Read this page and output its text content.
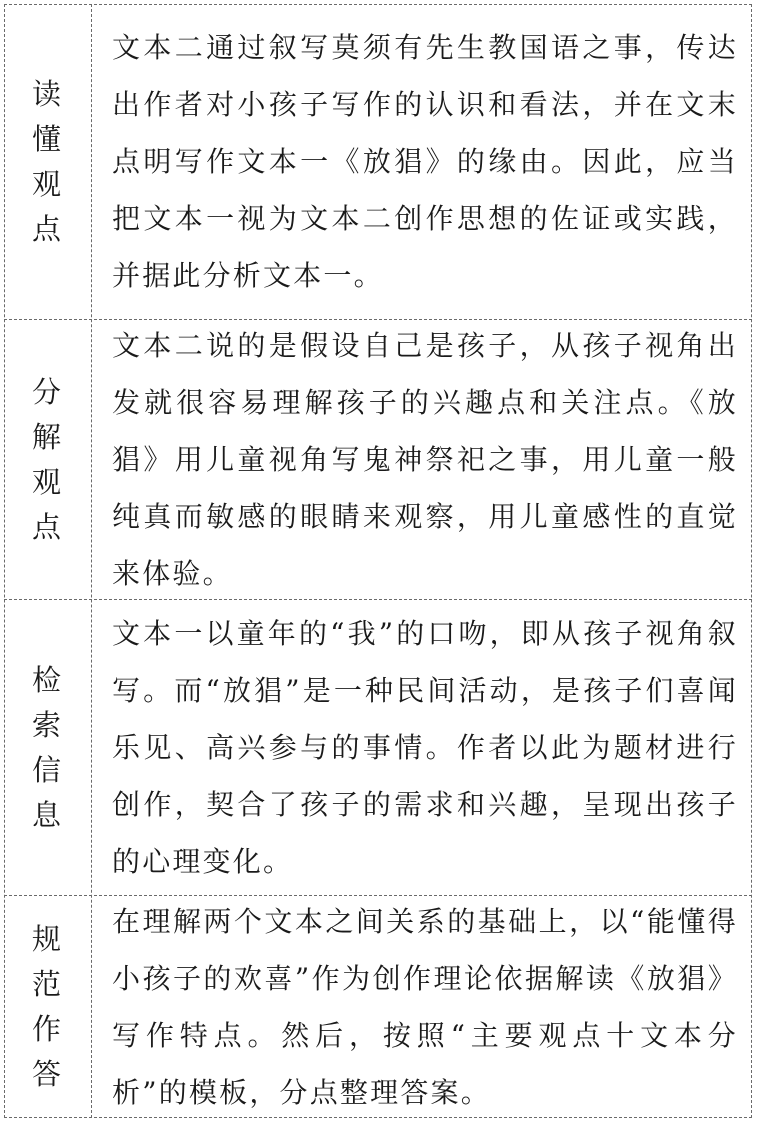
读懂观点

文本二通过叙写莫须有先生教国语之事，传达出作者对小孩子写作的认识和看法，并在文末点明写作文本一《放猖》的缘由。因此，应当把文本一视为文本二创作思想的佐证或实践，并据此分析文本一。

分解观点

文本二说的是假设自己是孩子，从孩子视角出发就很容易理解孩子的兴趣点和关注点。《放猖》用儿童视角写鬼神祭祀之事，用儿童一般纯真而敏感的眼睛来观察，用儿童感性的直觉来体验。

检索信息

文本一以童年的“我”的口吻，即从孩子视角叙写。而“放猖”是一种民间活动，是孩子们喜闻乐见、高兴参与的事情。作者以此为题材进行创作，契合了孩子的需求和兴趣，呈现出孩子的心理变化。

规范作答

在理解两个文本之间关系的基础上，以“能懂得小孩子的欢喜”作为创作理论依据解读《放猖》写作特点。然后，按照“主要观点十文本分析”的模板，分点整理答案。
